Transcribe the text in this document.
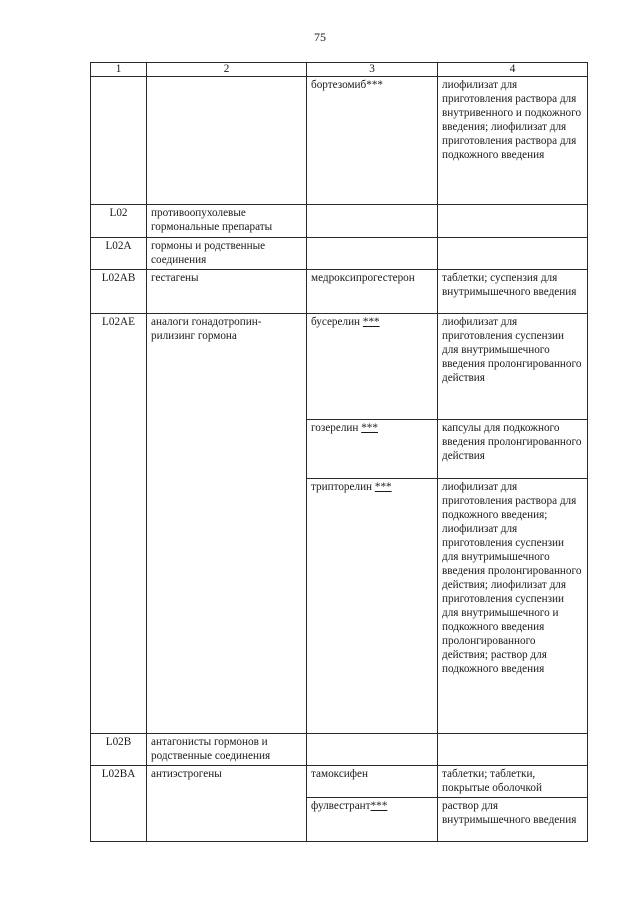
75
1	2	3	4
		бортезомиб***	лиофилизат для приготовления раствора для внутривенного и подкожного введения; лиофилизат для приготовления раствора для подкожного введения
L02	противоопухолевые гормональные препараты		
L02A	гормоны и родственные соединения		
L02AB	гестагены	медроксипрогестерон	таблетки; суспензия для внутримышечного введения
L02AE	аналоги гонадотропин-рилизинг гормона	бусерелин ***	лиофилизат для приготовления суспензии для внутримышечного введения пролонгированного действия
		гозерелин ***	капсулы для подкожного введения пролонгированного действия
		трипторелин ***	лиофилизат для приготовления раствора для подкожного введения; лиофилизат для приготовления суспензии для внутримышечного введения пролонгированного действия; лиофилизат для приготовления суспензии для внутримышечного и подкожного введения пролонгированного действия; раствор для подкожного введения
L02B	антагонисты гормонов и родственные соединения		
L02BA	антиэстрогены	тамоксифен	таблетки; таблетки, покрытые оболочкой
		фулвестрант***	раствор для внутримышечного введения
